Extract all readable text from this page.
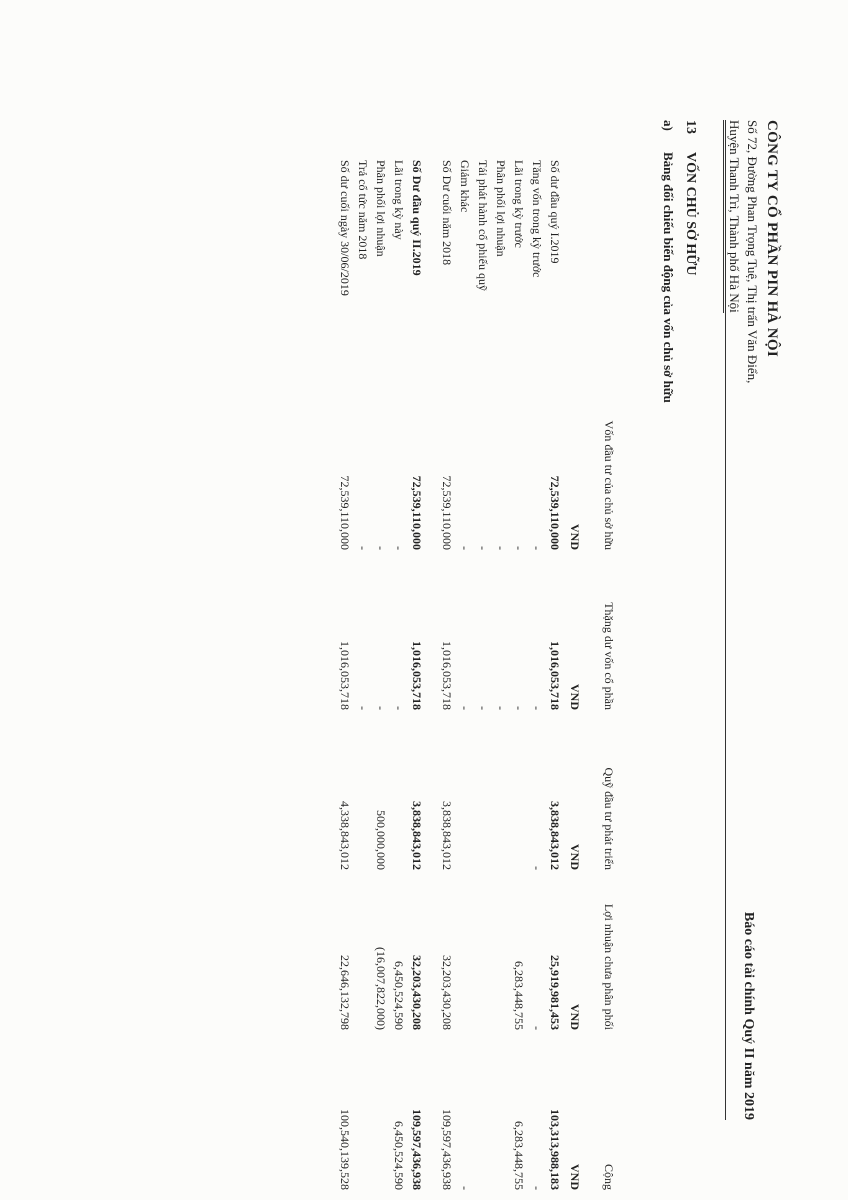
CÔNG TY CỔ PHẦN PIN HÀ NỘI
Số 72, Đường Phan Trọng Tuệ, Thị trấn Văn Điển,
Huyện Thanh Trì, Thành phố Hà Nội
Báo cáo tài chính Quý II năm 2019
13
VỐN CHỦ SỞ HỮU
a)
Bảng đối chiếu biến động của vốn chủ sở hữu
Vốn đầu tư của chủ sở hữu
Thặng dư vốn cổ phần
Quỹ đầu tư phát triển
Lợi nhuận chưa phân phối
Cộng
VND
VND
VND
VND
VND
Số dư đầu quý I.2019
72,539,110,000
1,016,053,718
3,838,843,012
25,919,981,453
103,313,988,183
Tăng vốn trong kỳ trước
-
-
-
-
-
Lãi trong kỳ trước
-
-
6,283,448,755
6,283,448,755
Phân phối lợi nhuận
-
-
Tái phát hành cổ phiếu quỹ
-
-
Giảm khác
-
-
-
Số Dư cuối năm 2018
72,539,110,000
1,016,053,718
3,838,843,012
32,203,430,208
109,597,436,938
Số Dư đầu quý II.2019
72,539,110,000
1,016,053,718
3,838,843,012
32,203,430,208
109,597,436,938
Lãi trong kỳ này
-
-
6,450,524,590
6,450,524,590
Phân phối lợi nhuận
-
-
500,000,000
(16,007,822,000)
Trả cổ tức năm 2018
-
-
Số dư cuối ngày 30/06/2019
72,539,110,000
1,016,053,718
4,338,843,012
22,646,132,798
100,540,139,528
